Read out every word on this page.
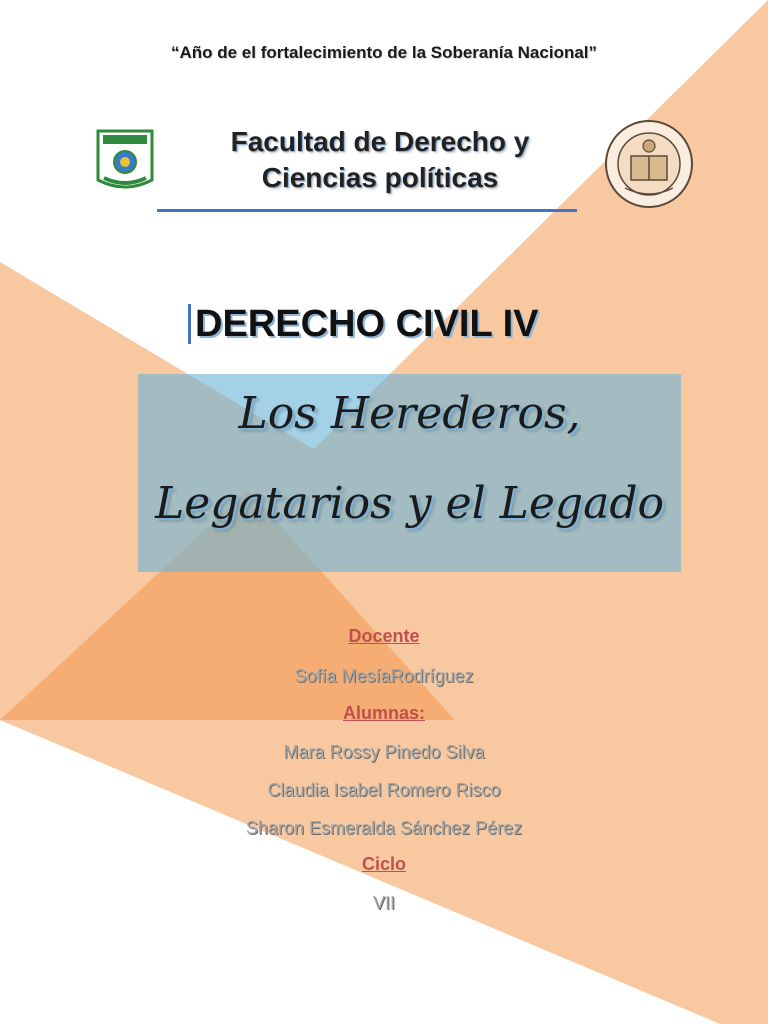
“Año de el fortalecimiento de la Soberanía Nacional”
Facultad de Derecho y
Ciencias políticas
DERECHO CIVIL IV
Los Herederos,
Legatarios y el Legado
Docente
Sofía MesíaRodríguez
Alumnas:
Mara Rossy Pinedo Silva
Claudia Isabel Romero Risco
Sharon Esmeralda Sánchez Pérez
Ciclo
VII
